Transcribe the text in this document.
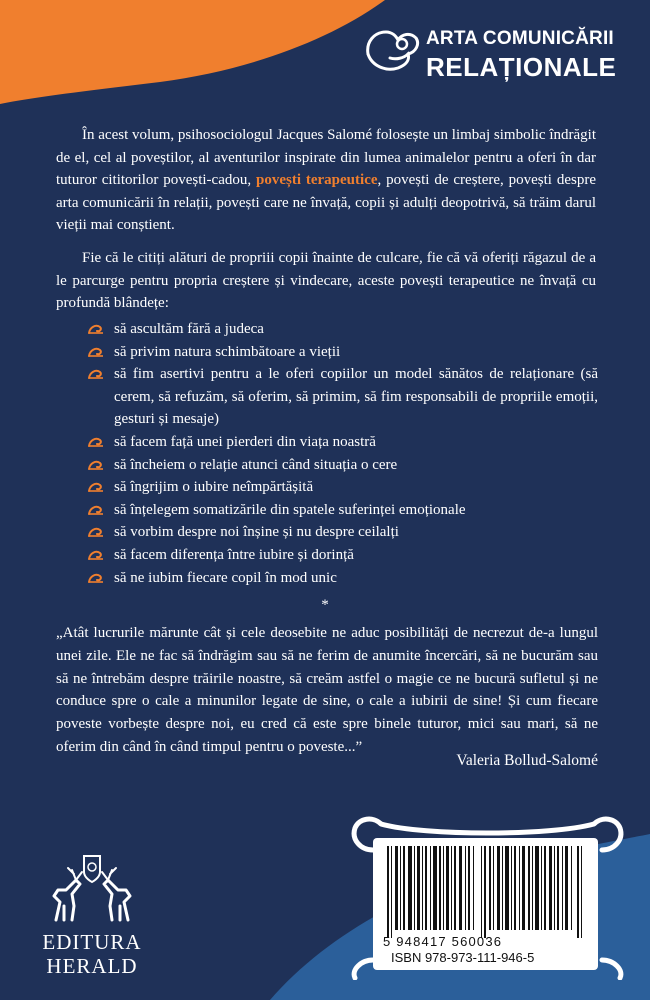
ARTA COMUNICĂRII
RELAȚIONALE
În acest volum, psihosociologul Jacques Salomé folosește un limbaj simbolic îndrăgit de el, cel al poveștilor, al aventurilor inspirate din lumea animalelor pentru a oferi în dar tuturor cititorilor povești-cadou, povești terapeutice, povești de creștere, povești despre arta comunicării în relații, povești care ne învață, copii și adulți deopotrivă, să trăim darul vieții mai conștient.
Fie că le citiți alături de propriii copii înainte de culcare, fie că vă oferiți răgazul de a le parcurge pentru propria creștere și vindecare, aceste povești terapeutice ne învață cu profundă blândețe:
să ascultăm fără a judeca
să privim natura schimbătoare a vieții
să fim asertivi pentru a le oferi copiilor un model sănătos de relaționare (să cerem, să refuzăm, să oferim, să primim, să fim responsabili de propriile emoții, gesturi și mesaje)
să facem față unei pierderi din viața noastră
să încheiem o relație atunci când situația o cere
să îngrijim o iubire neîmpărtășită
să înțelegem somatizările din spatele suferinței emoționale
să vorbim despre noi înșine și nu despre ceilalți
să facem diferența între iubire și dorință
să ne iubim fiecare copil în mod unic
*
„Atât lucrurile mărunte cât și cele deosebite ne aduc posibilități de necrezut de-a lungul unei zile. Ele ne fac să îndrăgim sau să ne ferim de anumite încercări, să ne bucurăm sau să ne întrebăm despre trăirile noastre, să creăm astfel o magie ce ne bucură sufletul și ne conduce spre o cale a minunilor legate de sine, o cale a iubirii de sine! Și cum fiecare poveste vorbește despre noi, eu cred că este spre binele tuturor, mici sau mari, să ne oferim din când în când timpul pentru o poveste...”
Valeria Bollud-Salomé
EDITURA
HERALD
5 948417 560036
ISBN 978-973-111-946-5
